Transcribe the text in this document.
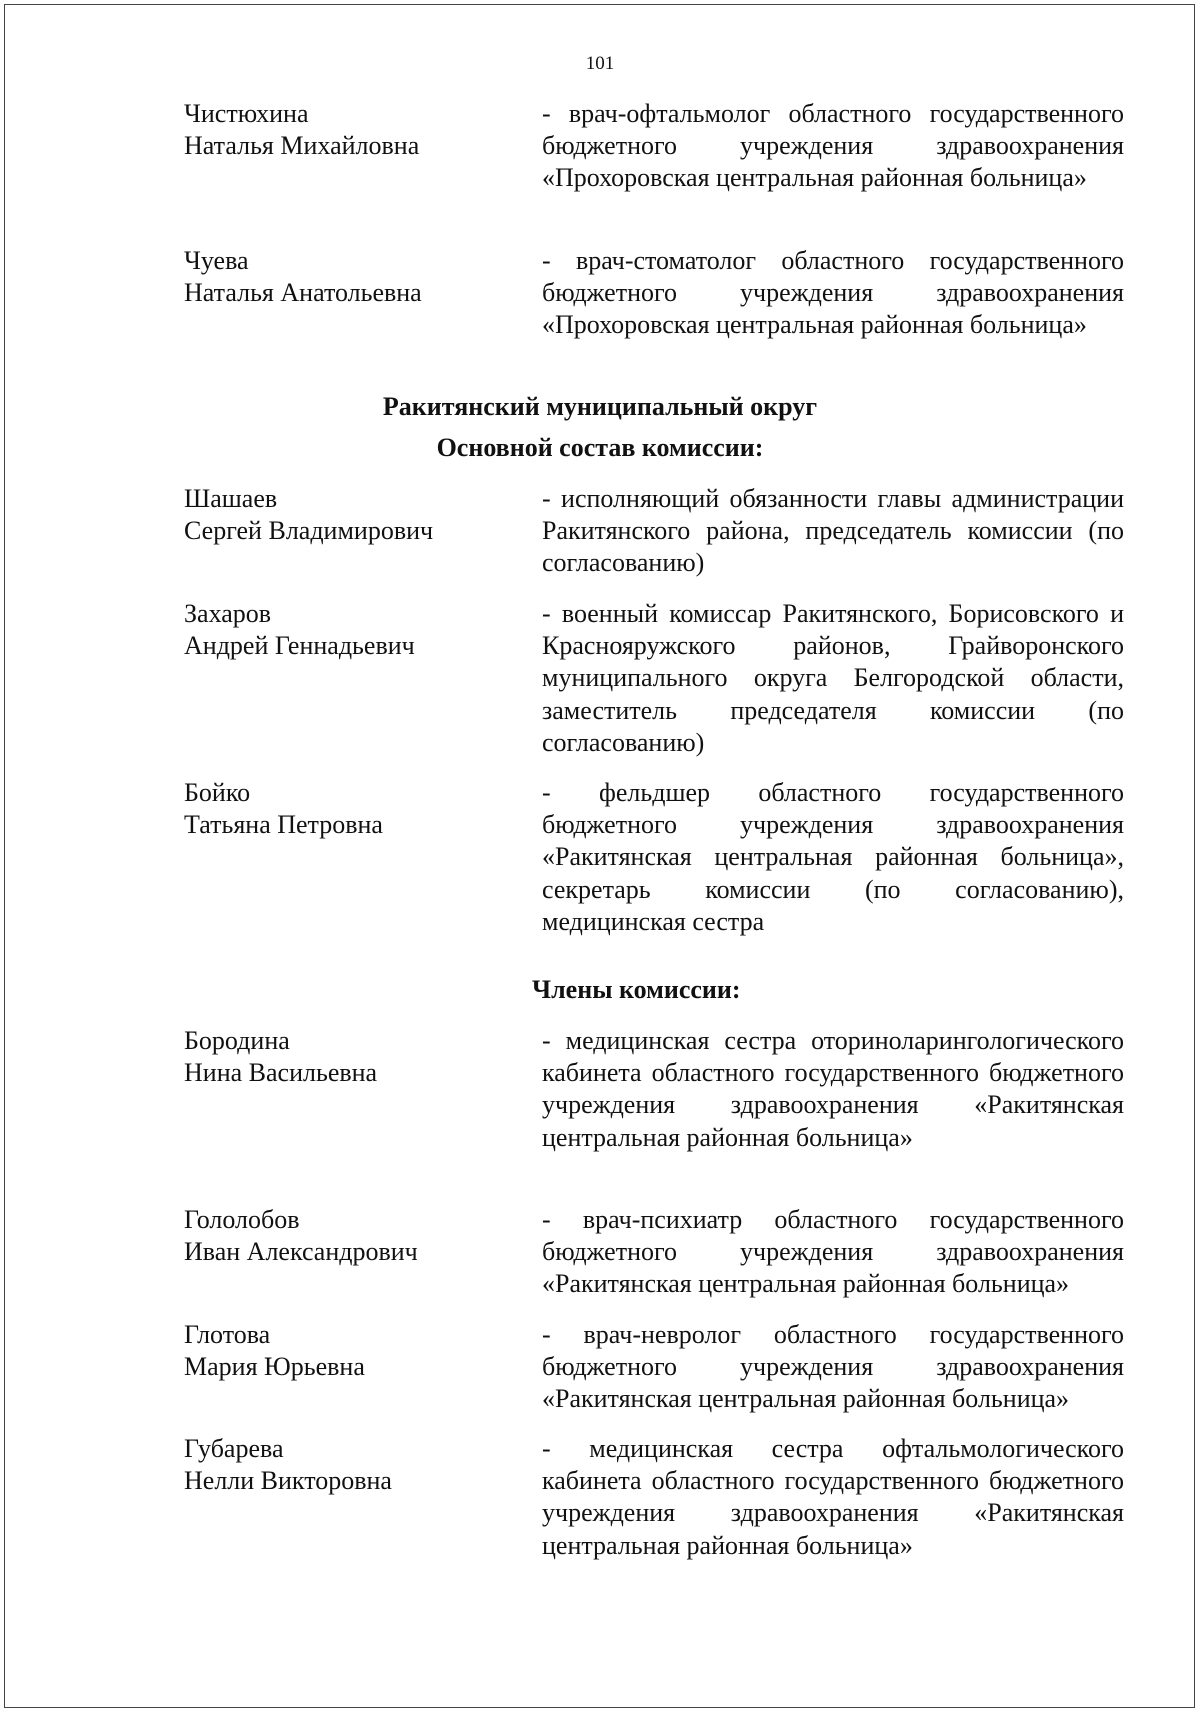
101
Чистюхина
Наталья Михайловна
- врач-офтальмолог областного государственного бюджетного учреждения здравоохранения «Прохоровская центральная районная больница»
Чуева
Наталья Анатольевна
- врач-стоматолог областного государственного бюджетного учреждения здравоохранения «Прохоровская центральная районная больница»
Ракитянский муниципальный округ
Основной состав комиссии:
Шашаев
Сергей Владимирович
- исполняющий обязанности главы администрации Ракитянского района, председатель комиссии (по согласованию)
Захаров
Андрей Геннадьевич
- военный комиссар Ракитянского, Борисовского и Краснояружского районов, Грайворонского муниципального округа Белгородской области, заместитель председателя комиссии (по согласованию)
Бойко
Татьяна Петровна
- фельдшер областного государственного бюджетного учреждения здравоохранения «Ракитянская центральная районная больница», секретарь комиссии (по согласованию), медицинская сестра
Члены комиссии:
Бородина
Нина Васильевна
- медицинская сестра оториноларингологического кабинета областного государственного бюджетного учреждения здравоохранения «Ракитянская центральная районная больница»
Гололобов
Иван Александрович
- врач-психиатр областного государственного бюджетного учреждения здравоохранения «Ракитянская центральная районная больница»
Глотова
Мария Юрьевна
- врач-невролог областного государственного бюджетного учреждения здравоохранения «Ракитянская центральная районная больница»
Губарева
Нелли Викторовна
- медицинская сестра офтальмологического кабинета областного государственного бюджетного учреждения здравоохранения «Ракитянская центральная районная больница»
